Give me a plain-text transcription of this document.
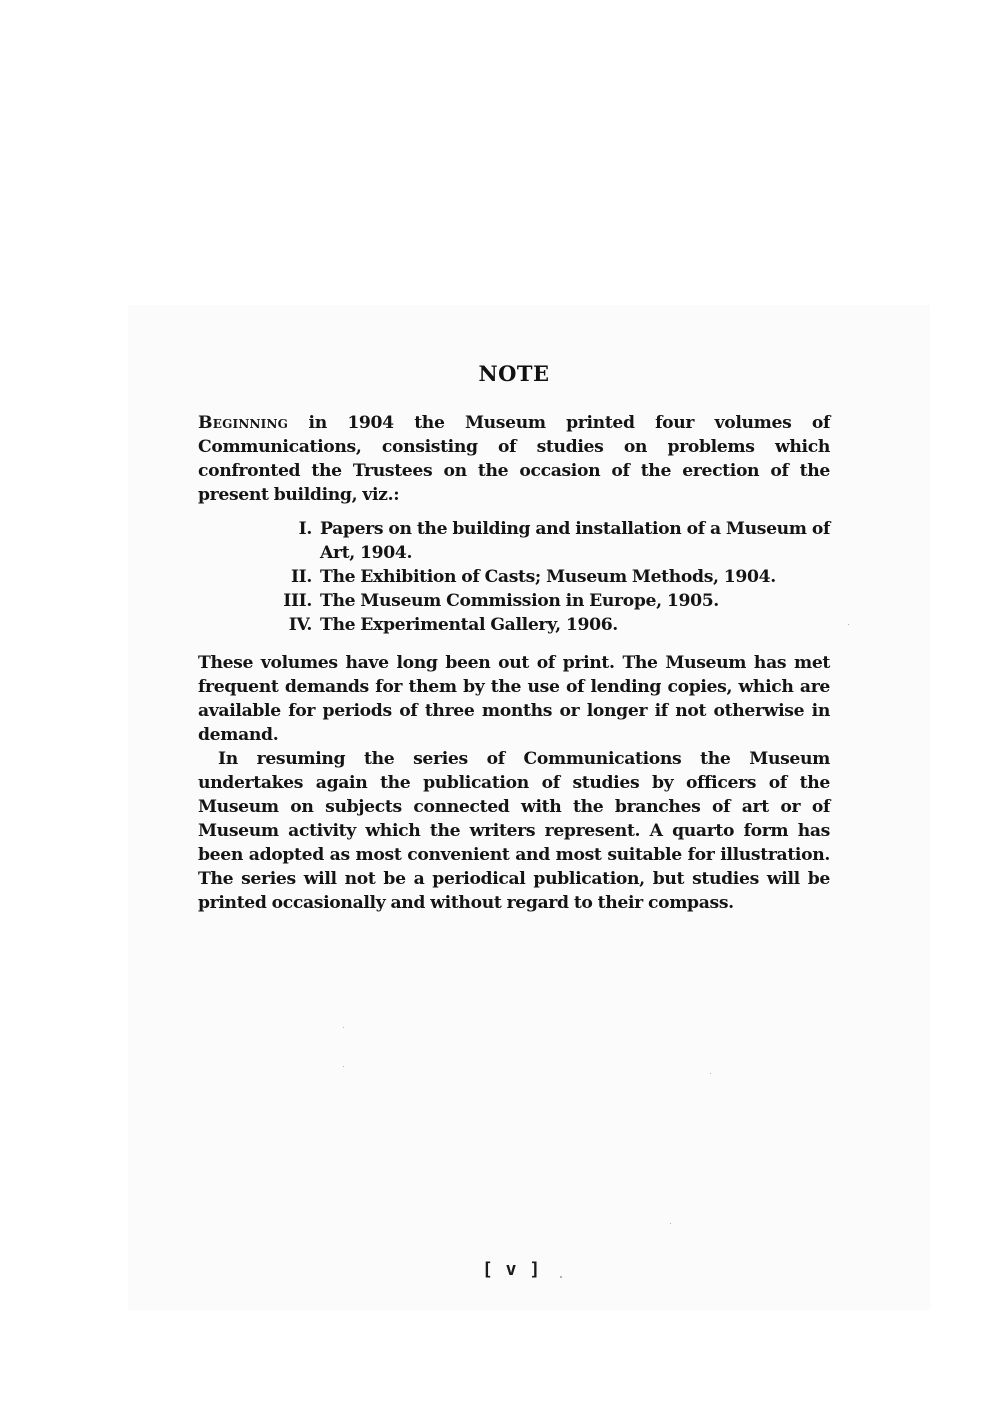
NOTE

Beginning in 1904 the Museum printed four volumes of Communications, consisting of studies on problems which confronted the Trustees on the occasion of the erection of the present building, viz.:

I. Papers on the building and installation of a Museum of Art, 1904.
II. The Exhibition of Casts; Museum Methods, 1904.
III. The Museum Commission in Europe, 1905.
IV. The Experimental Gallery, 1906.

These volumes have long been out of print. The Museum has met frequent demands for them by the use of lending copies, which are available for periods of three months or longer if not otherwise in demand.

In resuming the series of Communications the Museum undertakes again the publication of studies by officers of the Museum on subjects connected with the branches of art or of Museum activity which the writers represent. A quarto form has been adopted as most convenient and most suitable for illustration. The series will not be a periodical publication, but studies will be printed occasionally and without regard to their compass.

[ v ]
